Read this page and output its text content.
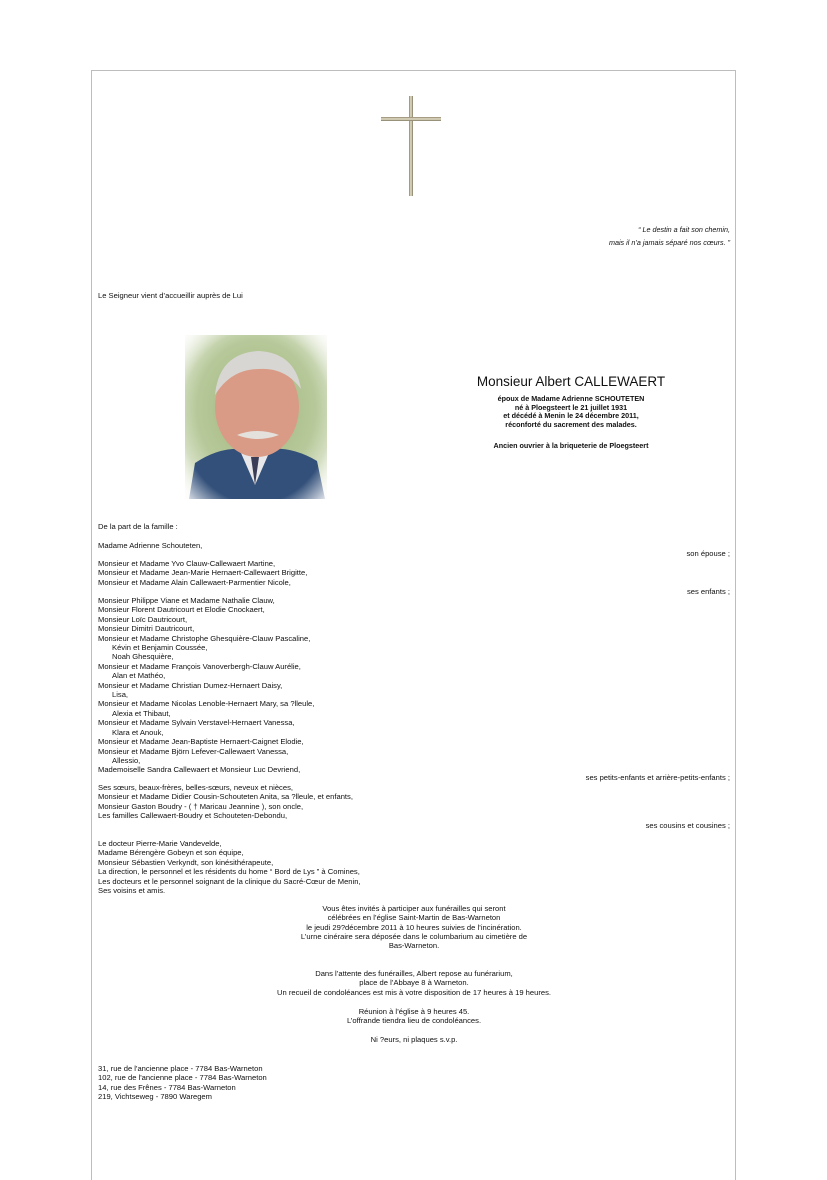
“ Le destin a fait son chemin,
mais il n’a jamais séparé nos cœurs. ”
Le Seigneur vient d’accueillir auprès de Lui
Monsieur Albert CALLEWAERT
époux de Madame Adrienne SCHOUTETEN
né à Ploegsteert le 21 juillet 1931
et décédé à Menin le 24 décembre 2011,
réconforté du sacrement des malades.
Ancien ouvrier à la briqueterie de Ploegsteert
De la part de la famille :
Madame Adrienne Schouteten,
son épouse ;
Monsieur et Madame Yvo Clauw-Callewaert Martine,
Monsieur et Madame Jean-Marie Hernaert-Callewaert Brigitte,
Monsieur et Madame Alain Callewaert-Parmentier Nicole,
ses enfants ;
Monsieur Philippe Viane et Madame Nathalie Clauw,
Monsieur Florent Dautricourt et Elodie Cnockaert,
Monsieur Loïc Dautricourt,
Monsieur Dimitri Dautricourt,
Monsieur et Madame Christophe Ghesquière-Clauw Pascaline,
Kévin et Benjamin Coussée,
Noah Ghesquière,
Monsieur et Madame François Vanoverbergh-Clauw Aurélie,
Alan et Mathéo,
Monsieur et Madame Christian Dumez-Hernaert Daisy,
Lisa,
Monsieur et Madame Nicolas Lenoble-Hernaert Mary, sa ?lleule,
Alexia et Thibaut,
Monsieur et Madame Sylvain Verstavel-Hernaert Vanessa,
Klara et Anouk,
Monsieur et Madame Jean-Baptiste Hernaert-Caignet Elodie,
Monsieur et Madame Björn Lefever-Callewaert Vanessa,
Allessio,
Mademoiselle Sandra Callewaert et Monsieur Luc Devriend,
ses petits-enfants et arrière-petits-enfants ;
Ses sœurs, beaux-frères, belles-sœurs, neveux et nièces,
Monsieur et Madame Didier Cousin-Schouteten Anita, sa ?lleule, et enfants,
Monsieur Gaston Boudry - ( † Maricau Jeannine ), son oncle,
Les familles Callewaert-Boudry et Schouteten-Debondu,
ses cousins et cousines ;
Le docteur Pierre-Marie Vandevelde,
Madame Bérengère Gobeyn et son équipe,
Monsieur Sébastien Verkyndt, son kinésithérapeute,
La direction, le personnel et les résidents du home “ Bord de Lys ” à Comines,
Les docteurs et le personnel soignant de la clinique du Sacré-Cœur de Menin,
Ses voisins et amis.
Vous êtes invités à participer aux funérailles qui seront
célébrées en l’église Saint-Martin de Bas-Warneton
le jeudi 29?décembre 2011 à 10 heures suivies de l’incinération.
L’urne cinéraire sera déposée dans le columbarium au cimetière de
Bas-Warneton.
Dans l’attente des funérailles, Albert repose au funérarium,
place de l’Abbaye 8 à Warneton.
Un recueil de condoléances est mis à votre disposition de 17 heures à 19 heures.
Réunion à l’église à 9 heures 45.
L’offrande tiendra lieu de condoléances.
Ni ?eurs, ni plaques s.v.p.
31, rue de l'ancienne place - 7784 Bas-Warneton
102, rue de l'ancienne place - 7784 Bas-Warneton
14, rue des Frênes - 7784 Bas-Warneton
219, Vichtseweg - 7890 Waregem
